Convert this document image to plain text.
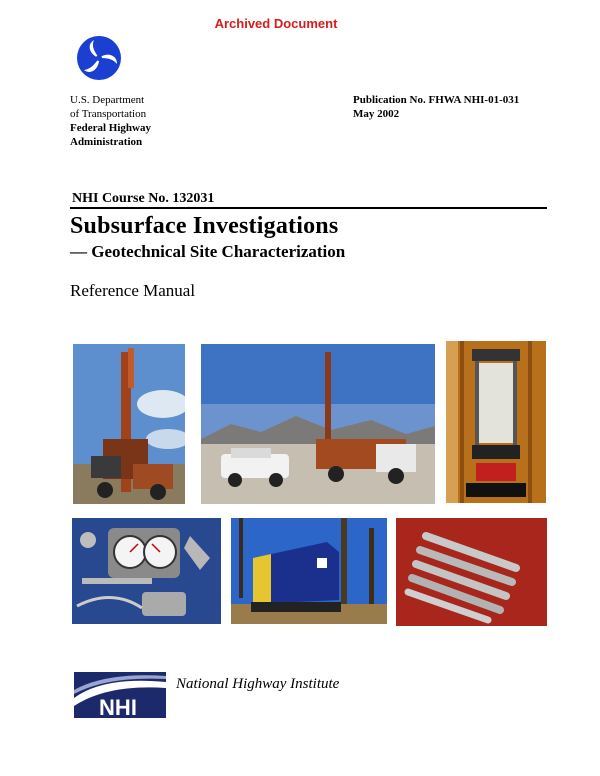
Archived Document
U.S. Department
of Transportation
Federal Highway
Administration
Publication No. FHWA NHI-01-031
May 2002
NHI Course No. 132031
Subsurface Investigations
— Geotechnical Site Characterization
Reference Manual
NHI
National Highway Institute
